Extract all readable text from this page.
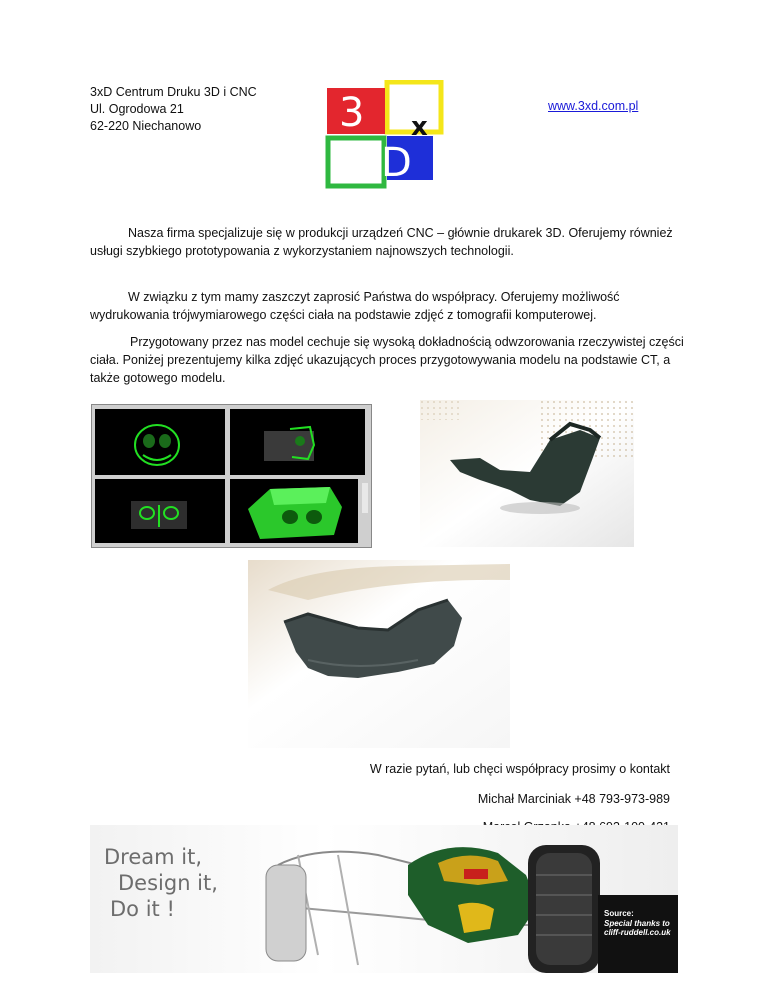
3xD Centrum Druku 3D i CNC
Ul. Ogrodowa 21
62-220 Niechanowo	3 x
D
www.3xd.com.pl
Nasza firma specjalizuje się w produkcji urządzeń CNC – głównie drukarek 3D. Oferujemy również usługi szybkiego prototypowania z wykorzystaniem najnowszych technologii.
W związku z tym mamy zaszczyt zaprosić Państwa do współpracy. Oferujemy możliwość wydrukowania trójwymiarowego części ciała na podstawie zdjęć z tomografii komputerowej.
Przygotowany przez nas model cechuje się wysoką dokładnością odwzorowania rzeczywistej części ciała. Poniżej prezentujemy kilka zdjęć ukazujących proces przygotowywania modelu na podstawie CT, a także gotowego modelu.
W razie pytań, lub chęci współpracy prosimy o kontakt
Michał Marciniak +48 793-973-989
Dream it,
Design it,
Do it !	Source:
Special thanks to
cliff-ruddell.co.uk
